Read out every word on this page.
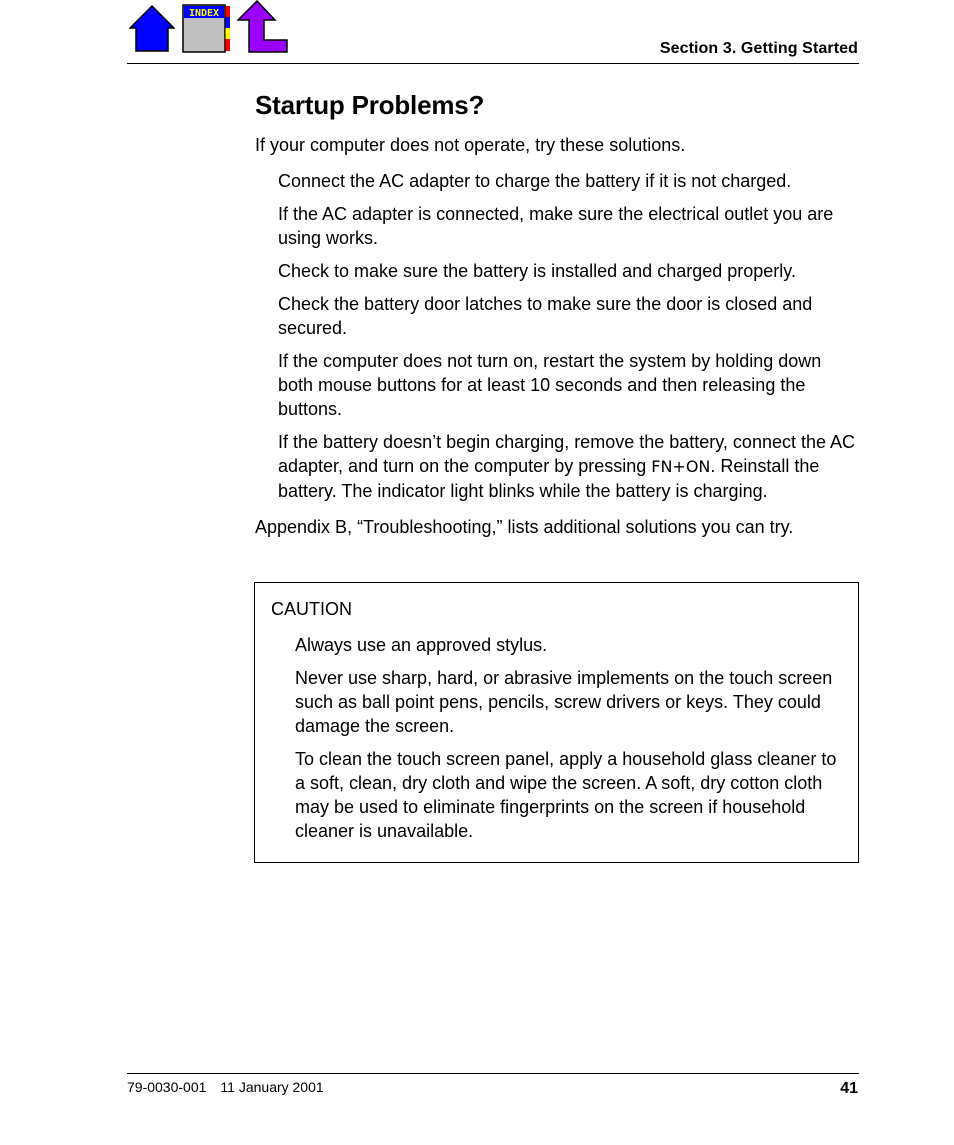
INDEX
Section 3. Getting Started
Startup Problems?

If your computer does not operate, try these solutions.

Connect the AC adapter to charge the battery if it is not charged.
If the AC adapter is connected, make sure the electrical outlet you are using works.
Check to make sure the battery is installed and charged properly.
Check the battery door latches to make sure the door is closed and secured.
If the computer does not turn on, restart the system by holding down both mouse buttons for at least 10 seconds and then releasing the buttons.
If the battery doesn’t begin charging, remove the battery, connect the AC adapter, and turn on the computer by pressing FN+ON. Reinstall the battery. The indicator light blinks while the battery is charging.

Appendix B, “Troubleshooting,” lists additional solutions you can try.

CAUTION
Always use an approved stylus.
Never use sharp, hard, or abrasive implements on the touch screen such as ball point pens, pencils, screw drivers or keys. They could damage the screen.
To clean the touch screen panel, apply a household glass cleaner to a soft, clean, dry cloth and wipe the screen. A soft, dry cotton cloth may be used to eliminate fingerprints on the screen if household cleaner is unavailable.
79-0030-001 11 January 2001	41
